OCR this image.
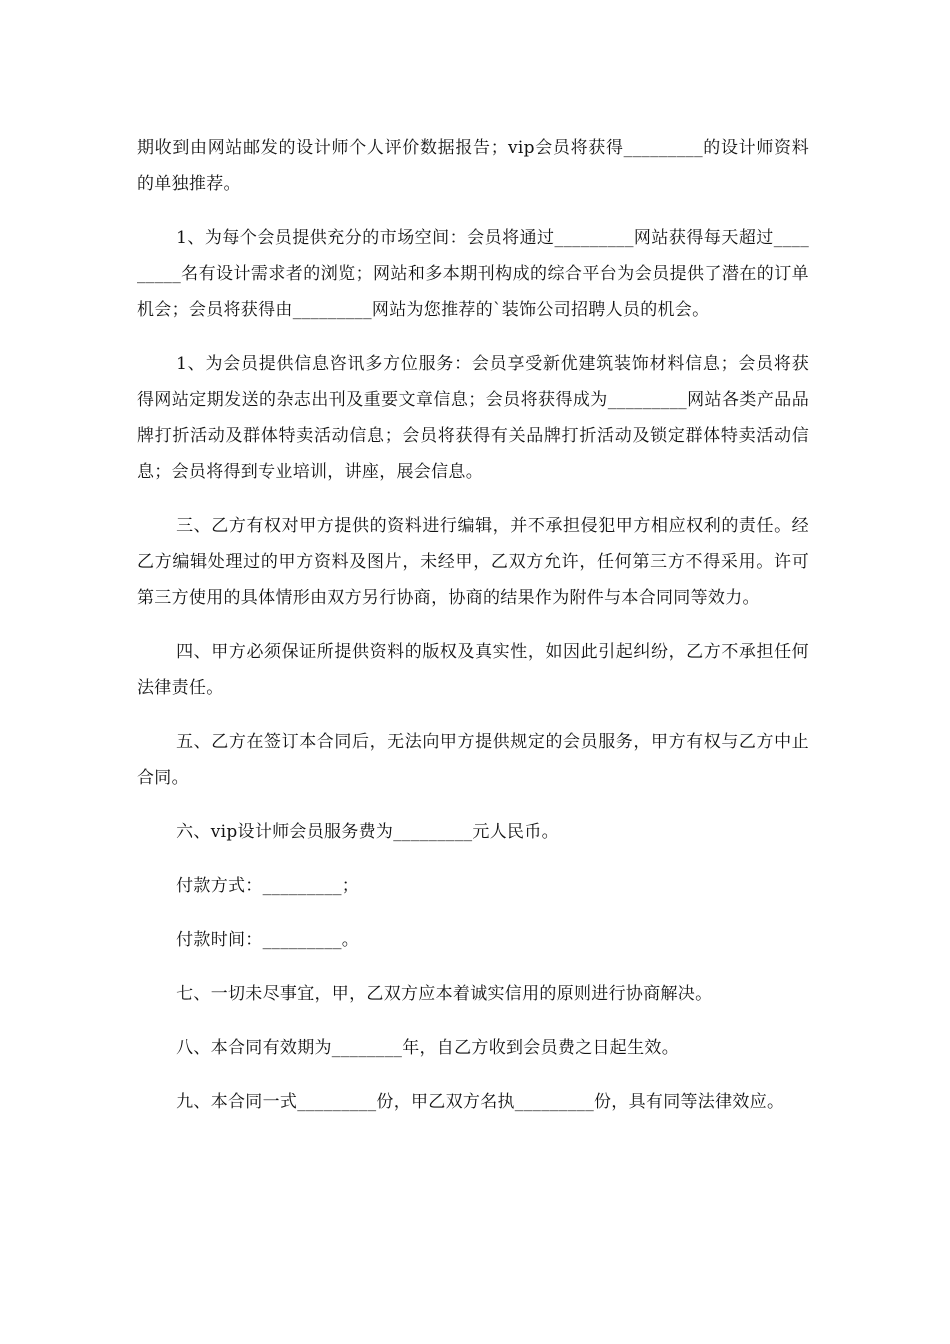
期收到由网站邮发的设计师个人评价数据报告；vip会员将获得_________的设计师资料的单独推荐。

1、为每个会员提供充分的市场空间：会员将通过_________网站获得每天超过_________名有设计需求者的浏览；网站和多本期刊构成的综合平台为会员提供了潜在的订单机会；会员将获得由_________网站为您推荐的`装饰公司招聘人员的机会。

1、为会员提供信息咨讯多方位服务：会员享受新优建筑装饰材料信息；会员将获得网站定期发送的杂志出刊及重要文章信息；会员将获得成为_________网站各类产品品牌打折活动及群体特卖活动信息；会员将获得有关品牌打折活动及锁定群体特卖活动信息；会员将得到专业培训，讲座，展会信息。

三、乙方有权对甲方提供的资料进行编辑，并不承担侵犯甲方相应权利的责任。经乙方编辑处理过的甲方资料及图片，未经甲，乙双方允许，任何第三方不得采用。许可第三方使用的具体情形由双方另行协商，协商的结果作为附件与本合同同等效力。

四、甲方必须保证所提供资料的版权及真实性，如因此引起纠纷，乙方不承担任何法律责任。

五、乙方在签订本合同后，无法向甲方提供规定的会员服务，甲方有权与乙方中止合同。

六、vip设计师会员服务费为_________元人民币。

付款方式：_________；

付款时间：_________。

七、一切未尽事宜，甲，乙双方应本着诚实信用的原则进行协商解决。

八、本合同有效期为________年，自乙方收到会员费之日起生效。

九、本合同一式_________份，甲乙双方名执_________份，具有同等法律效应。
